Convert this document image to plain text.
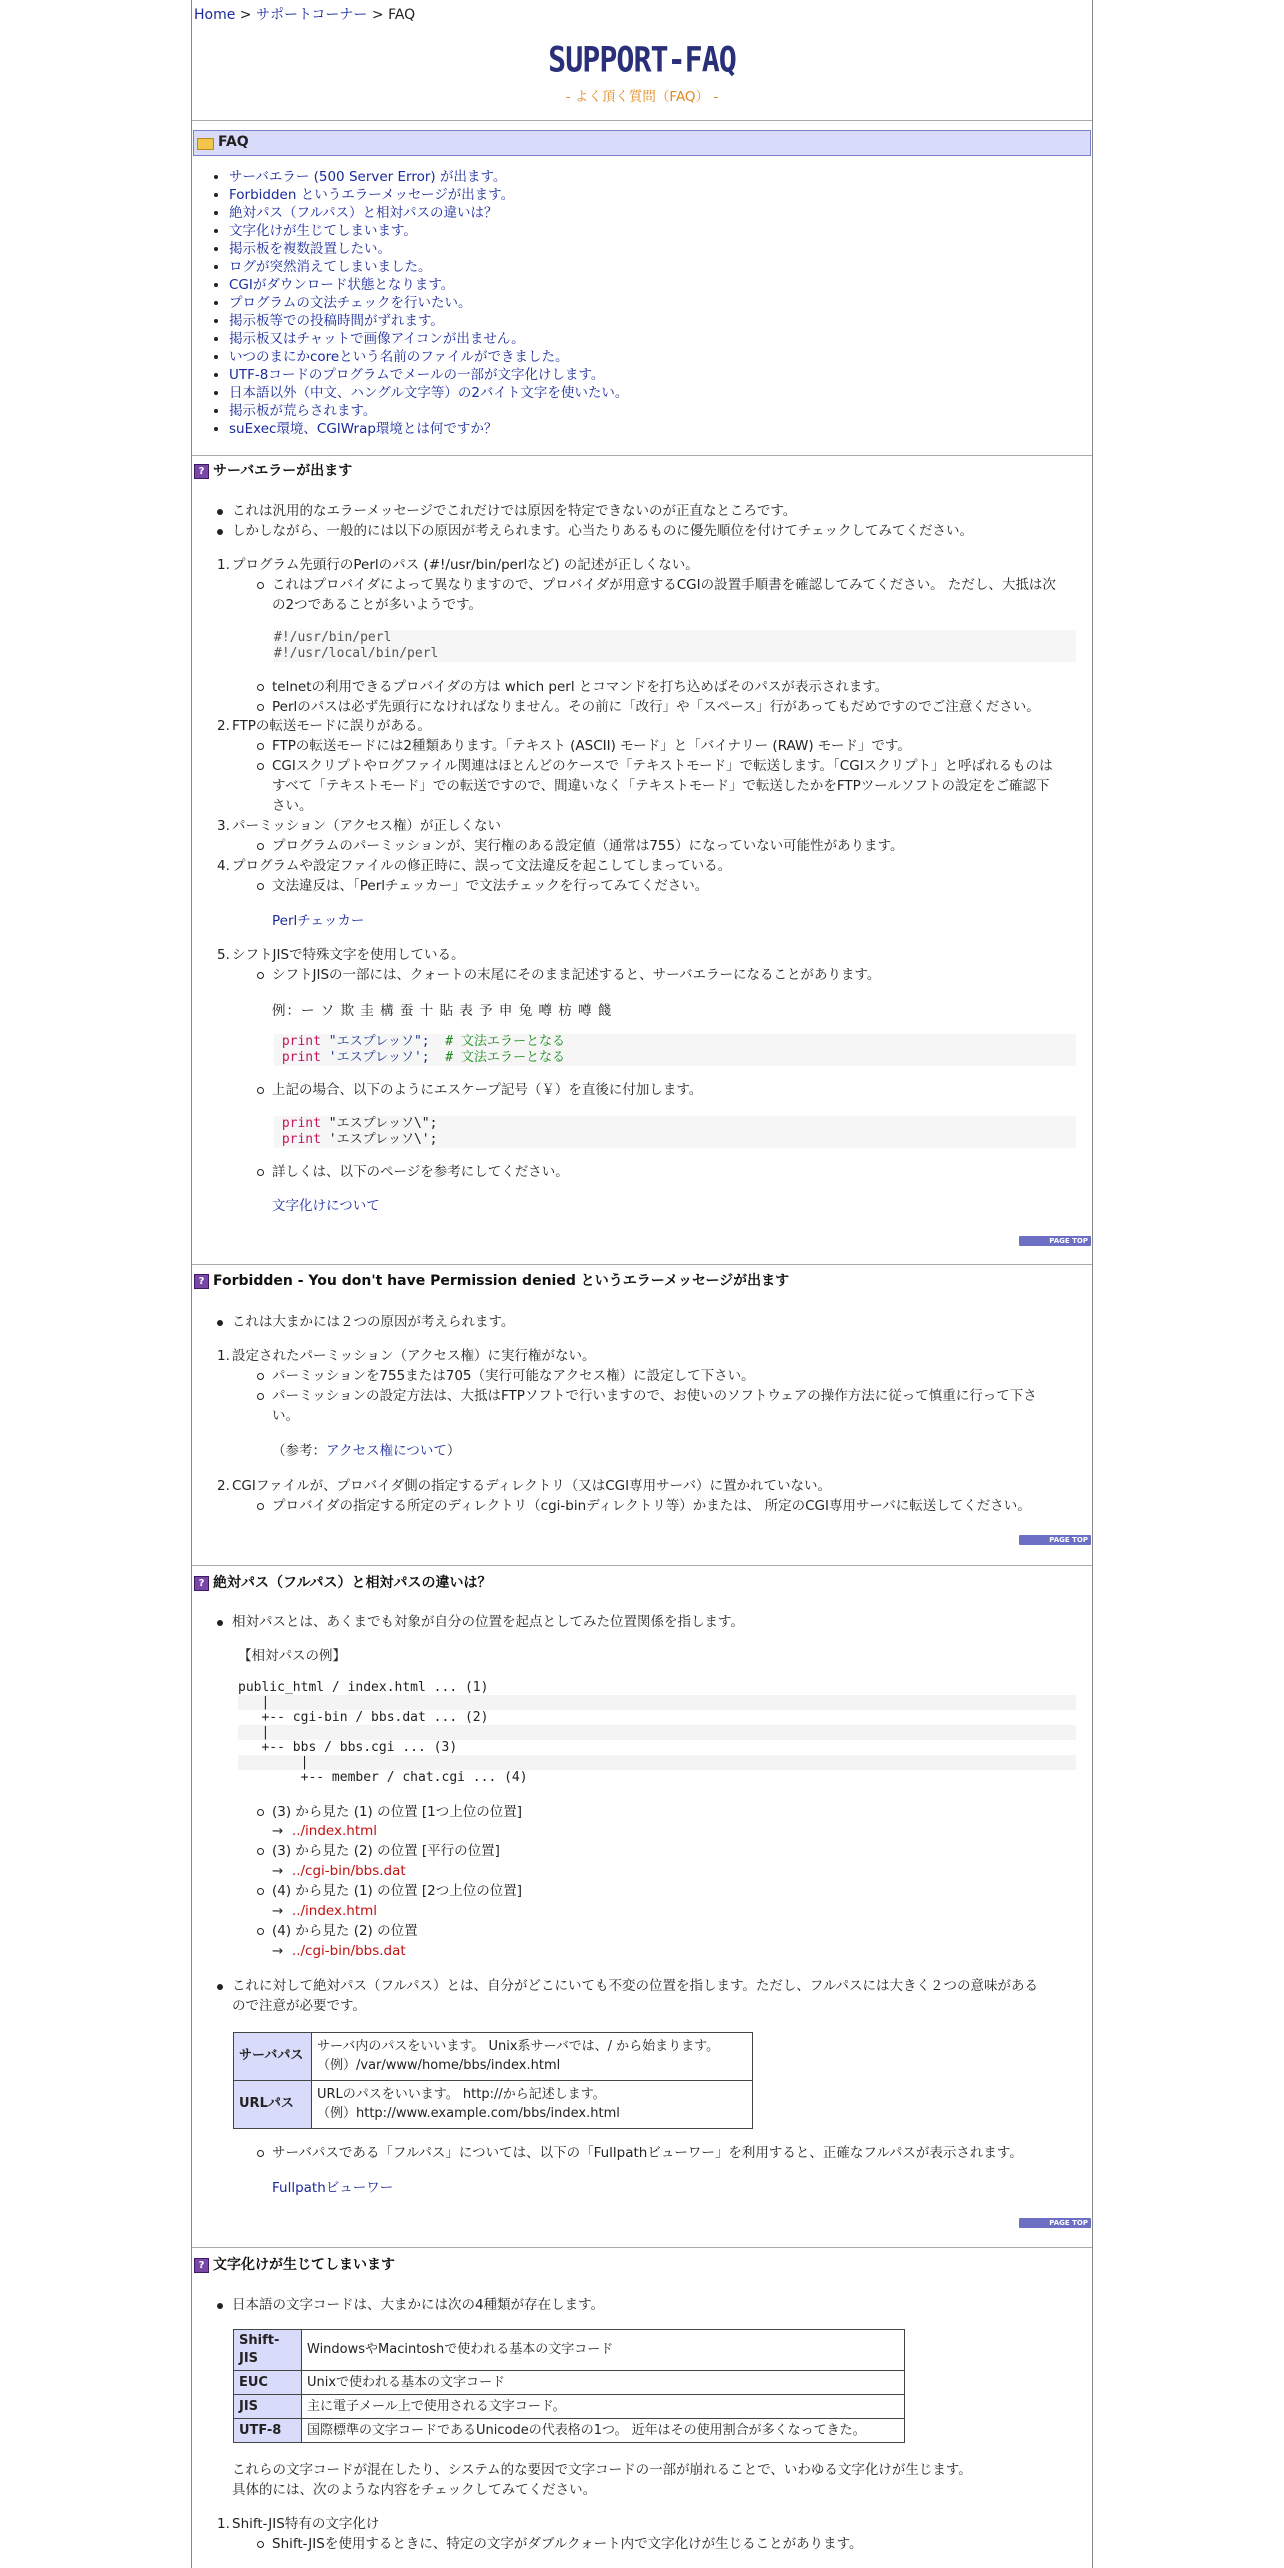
Home > サポートコーナー > FAQ
SUPPORT-FAQ
- よく頂く質問（FAQ） -
FAQ
• サーバエラー (500 Server Error) が出ます。
• Forbidden というエラーメッセージが出ます。
• 絶対パス（フルパス）と相対パスの違いは？
• 文字化けが生じてしまいます。
• 掲示板を複数設置したい。
• ログが突然消えてしまいました。
• CGIがダウンロード状態となります。
• プログラムの文法チェックを行いたい。
• 掲示板等での投稿時間がずれます。
• 掲示板又はチャットで画像アイコンが出ません。
• いつのまにかcoreという名前のファイルができました。
• UTF-8コードのプログラムでメールの一部が文字化けします。
• 日本語以外（中文、ハングル文字等）の2バイト文字を使いたい。
• 掲示板が荒らされます。
• suExec環境、CGIWrap環境とは何ですか？
? サーバエラーが出ます
これは汎用的なエラーメッセージでこれだけでは原因を特定できないのが正直なところです。
しかしながら、一般的には以下の原因が考えられます。心当たりあるものに優先順位を付けてチェックしてみてください。
1. プログラム先頭行のPerlのパス (#!/usr/bin/perlなど) の記述が正しくない。
これはプロバイダによって異なりますので、プロバイダが用意するCGIの設置手順書を確認してみてください。 ただし、大抵は次
の2つであることが多いようです。
#!/usr/bin/perl
#!/usr/local/bin/perl
telnetの利用できるプロバイダの方は which perl とコマンドを打ち込めばそのパスが表示されます。
Perlのパスは必ず先頭行になければなりません。その前に「改行」や「スペース」行があってもだめですのでご注意ください。
2. FTPの転送モードに誤りがある。
FTPの転送モードには2種類あります。「テキスト (ASCII) モード」と「バイナリー (RAW) モード」です。
CGIスクリプトやログファイル関連はほとんどのケースで「テキストモード」で転送します。「CGIスクリプト」と呼ばれるものは
すべて「テキストモード」での転送ですので、間違いなく「テキストモード」で転送したかをFTPツールソフトの設定をご確認下
さい。
3. パーミッション（アクセス権）が正しくない
プログラムのパーミッションが、実行権のある設定値（通常は755）になっていない可能性があります。
4. プログラムや設定ファイルの修正時に、誤って文法違反を起こしてしまっている。
文法違反は、「Perlチェッカー」で文法チェックを行ってみてください。
Perlチェッカー
5. シフトJISで特殊文字を使用している。
シフトJISの一部には、クォートの末尾にそのまま記述すると、サーバエラーになることがあります。
例：ー ソ 欺 圭 構 蚕 十 貼 表 予 申 兔 噂 枋 噂 餞
print "エスプレッソ"; # 文法エラーとなる
print 'エスプレッソ'; # 文法エラーとなる
上記の場合、以下のようにエスケープ記号（￥）を直後に付加します。
print "エスプレッソ\";
print 'エスプレッソ\';
詳しくは、以下のページを参考にしてください。
文字化けについて
PAGE TOP
? Forbidden - You don't have Permission denied というエラーメッセージが出ます
これは大まかには２つの原因が考えられます。
1. 設定されたパーミッション（アクセス権）に実行権がない。
パーミッションを755または705（実行可能なアクセス権）に設定して下さい。
パーミッションの設定方法は、大抵はFTPソフトで行いますので、お使いのソフトウェアの操作方法に従って慎重に行って下さ
い。
（参考：アクセス権について）
2. CGIファイルが、プロバイダ側の指定するディレクトリ（又はCGI専用サーバ）に置かれていない。
プロバイダの指定する所定のディレクトリ（cgi-binディレクトリ等）かまたは、 所定のCGI専用サーバに転送してください。
PAGE TOP
? 絶対パス（フルパス）と相対パスの違いは？
相対パスとは、あくまでも対象が自分の位置を起点としてみた位置関係を指します。
【相対パスの例】
public_html / index.html ... (1)
|
+-- cgi-bin / bbs.dat ... (2)
|
+-- bbs / bbs.cgi ... (3)
|
+-- member / chat.cgi ... (4)
(3) から見た (1) の位置 [1つ上位の位置]
→ ../index.html
(3) から見た (2) の位置 [平行の位置]
→ ../cgi-bin/bbs.dat
(4) から見た (1) の位置 [2つ上位の位置]
→ ../index.html
(4) から見た (2) の位置
→ ../cgi-bin/bbs.dat
これに対して絶対パス（フルパス）とは、自分がどこにいても不変の位置を指します。ただし、フルパスには大きく２つの意味がある
ので注意が必要です。
サーバパス	サーバ内のパスをいいます。 Unix系サーバでは、/ から始まります。
（例）/var/www/home/bbs/index.html

URLパス	URLのパスをいいます。 http://から記述します。
（例）http://www.example.com/bbs/index.html
サーバパスである「フルパス」については、以下の「Fullpathビューワー」を利用すると、正確なフルパスが表示されます。
Fullpathビューワー
PAGE TOP
? 文字化けが生じてしまいます
日本語の文字コードは、大まかには次の4種類が存在します。
Shift-JIS	WindowsやMacintoshで使われる基本の文字コード
EUC	Unixで使われる基本の文字コード
JIS	主に電子メール上で使用される文字コード。
UTF-8	国際標準の文字コードであるUnicodeの代表格の1つ。 近年はその使用割合が多くなってきた。
これらの文字コードが混在したり、システム的な要因で文字コードの一部が崩れることで、いわゆる文字化けが生じます。
具体的には、次のような内容をチェックしてみてください。
1. Shift-JIS特有の文字化け
Shift-JISを使用するときに、特定の文字がダブルクォート内で文字化けが生じることがあります。
